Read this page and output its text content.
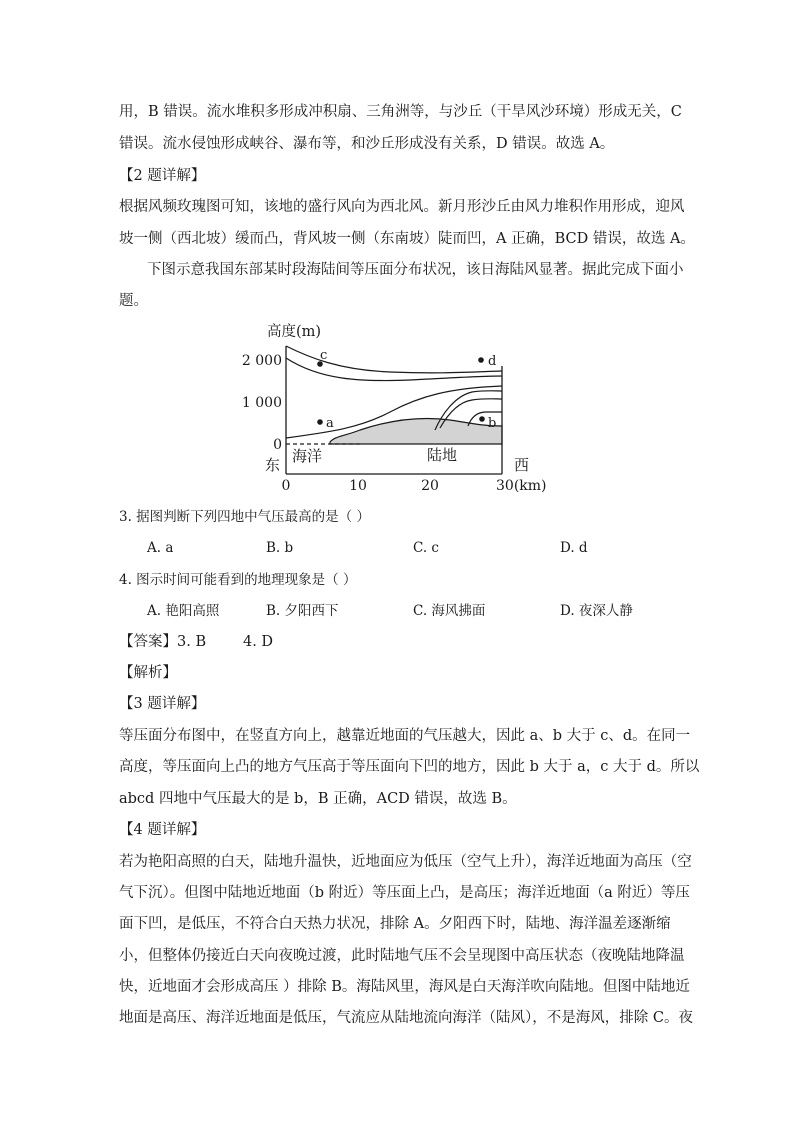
用，B 错误。流水堆积多形成冲积扇、三角洲等，与沙丘（干旱风沙环境）形成无关，C
错误。流水侵蚀形成峡谷、瀑布等，和沙丘形成没有关系，D 错误。故选 A。
【2 题详解】
根据风频玫瑰图可知，该地的盛行风向为西北风。新月形沙丘由风力堆积作用形成，迎风
坡一侧（西北坡）缓而凸，背风坡一侧（东南坡）陡而凹，A 正确，BCD 错误，故选 A。
下图示意我国东部某时段海陆间等压面分布状况，该日海陆风显著。据此完成下面小
题。
c	d
a	b
高度(m)
2 000
1 000
0
海洋	陆地
东	西
0	10	20	30(km)
3. 据图判断下列四地中气压最高的是（ ）
A. a	B. b	C. c	D. d
4. 图示时间可能看到的地理现象是（ ）
A. 艳阳高照	B. 夕阳西下	C. 海风拂面	D. 夜深人静
【答案】3. B        4. D
【解析】
【3 题详解】
等压面分布图中，在竖直方向上，越靠近地面的气压越大，因此 a、b 大于 c、d。在同一
高度，等压面向上凸的地方气压高于等压面向下凹的地方，因此 b 大于 a，c 大于 d。所以
abcd 四地中气压最大的是 b，B 正确，ACD 错误，故选 B。
【4 题详解】
若为艳阳高照的白天，陆地升温快，近地面应为低压（空气上升），海洋近地面为高压（空
气下沉）。但图中陆地近地面（b 附近）等压面上凸，是高压；海洋近地面（a 附近）等压
面下凹，是低压，不符合白天热力状况，排除 A。夕阳西下时，陆地、海洋温差逐渐缩
小，但整体仍接近白天向夜晚过渡，此时陆地气压不会呈现图中高压状态（夜晚陆地降温
快，近地面才会形成高压 ）排除 B。海陆风里，海风是白天海洋吹向陆地。但图中陆地近
地面是高压、海洋近地面是低压，气流应从陆地流向海洋（陆风），不是海风，排除 C。夜
